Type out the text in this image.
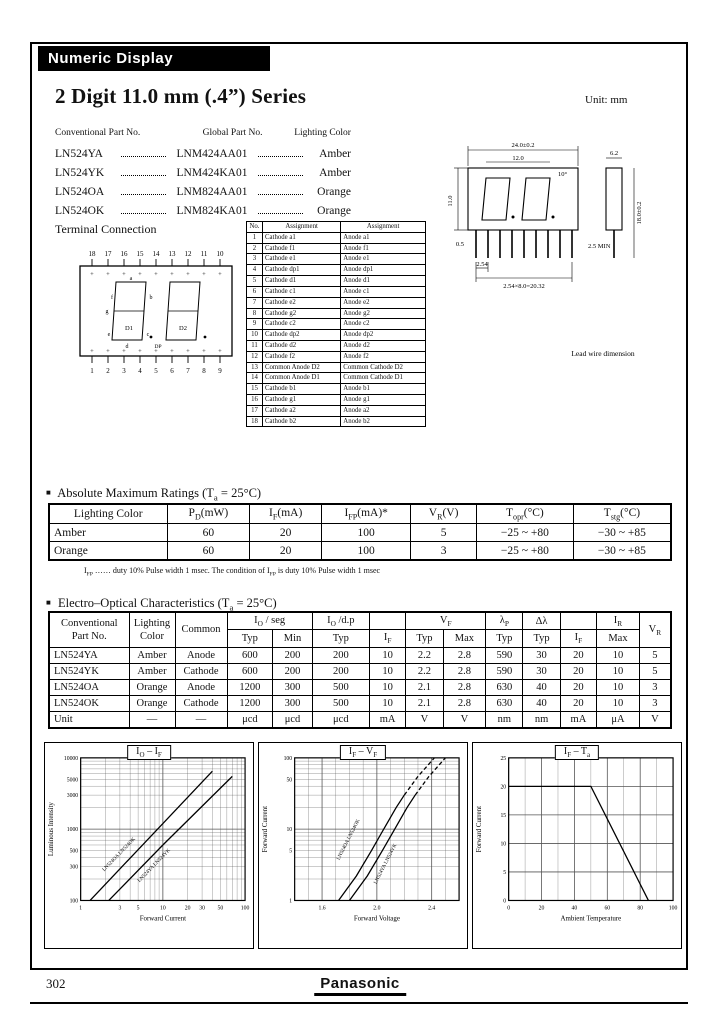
Numeric Display
2 Digit 11.0 mm (.4”) Series	Unit: mm
Conventional Part No.	Global Part No.	Lighting Color
LN524YA	LNM424AA01	Amber
LN524YK	LNM424KA01	Amber
LN524OA	LNM824AA01	Orange
LN524OK	LNM824KA01	Orange
Terminal Connection
18
+
17
+
16
+
15
+
14
+
13
+
12
+
11
+
10
+
1
+
2
+
3
+
4
+
5
+
6
+
7
+
8
+
9
+
D1	D2
a
b
c
d
e
f
g
DP
No.	Assignment	Assignment
1	Cathode a1	Anode a1
2	Cathode f1	Anode f1
3	Cathode e1	Anode e1
4	Cathode dp1	Anode dp1
5	Cathode d1	Anode d1
6	Cathode c1	Anode c1
7	Cathode e2	Anode e2
8	Cathode g2	Anode g2
9	Cathode c2	Anode c2
10	Cathode dp2	Anode dp2
11	Cathode d2	Anode d2
12	Cathode f2	Anode f2
13	Common Anode D2	Common Cathode D2
14	Common Anode D1	Common Cathode D1
15	Cathode b1	Anode b1
16	Cathode g1	Anode g1
17	Cathode a2	Anode a2
18	Cathode b2	Anode b2
24.0±0.2
12.0
11.0
10°
6.2
18.0±0.2
2.54
2.54×8.0=20.32
0.5	2.5 MIN
Lead wire dimension
■ Absolute Maximum Ratings $(T_a = 25^\circ C)$
Lighting Color	$P_D(mW)$	$I_F(mA)$	$I_{FP}(mA)*$	$V_R(V)$	$T_{opr}(^\circ C)$	$T_{stg}(^\circ C)$
Amber	60	20	100	5	−25 ~ +80	−30 ~ +85
Orange	60	20	100	3	−25 ~ +80	−30 ~ +85
$I_{FP}$ …… duty 10% Pulse width 1 msec. The condition of $I_{FP}$ is duty 10% Pulse width 1 msec
■ Electro–Optical Characteristics $(T_a = 25^\circ C)$
Conventional Part No.	Lighting Color	Common	$I_O$ / seg		$I_O$ /d.p		$V_F$		$\lambda_P$	Δλ		$I_R$	$V_R$
			Typ	Min	Typ	$I_F$	Typ	Max	Typ	Typ	$I_F$	Max	
LN524YA	Amber	Anode	600	200	200	10	2.2	2.8	590	30	20	10	5
LN524YK	Amber	Cathode	600	200	200	10	2.2	2.8	590	30	20	10	5
LN524OA	Orange	Anode	1200	300	500	10	2.1	2.8	630	40	20	10	3
LN524OK	Orange	Cathode	1200	300	500	10	2.1	2.8	630	40	20	10	3
Unit	—	—	μcd	μcd	μcd	mA	V	V	nm	nm	mA	μA	V
$I_O - I_F$
1	3	5	10	20 30 50	100
100
300
500
1000
3000
5000
10000
LN524OA LN524OK LN524YA LN524YK
Forward Current
Luminous Intensity
$I_F - V_F$
1.6	2.0	2.4
1
5
10
50
100
LN524OA LN524OK
LN524YA LN524YK
Forward Voltage
Forward Current
$I_F - T_a$
0	20	40	60	80	100
0
5
10
15
20
25
Ambient Temperature
Forward Current
302	Panasonic
